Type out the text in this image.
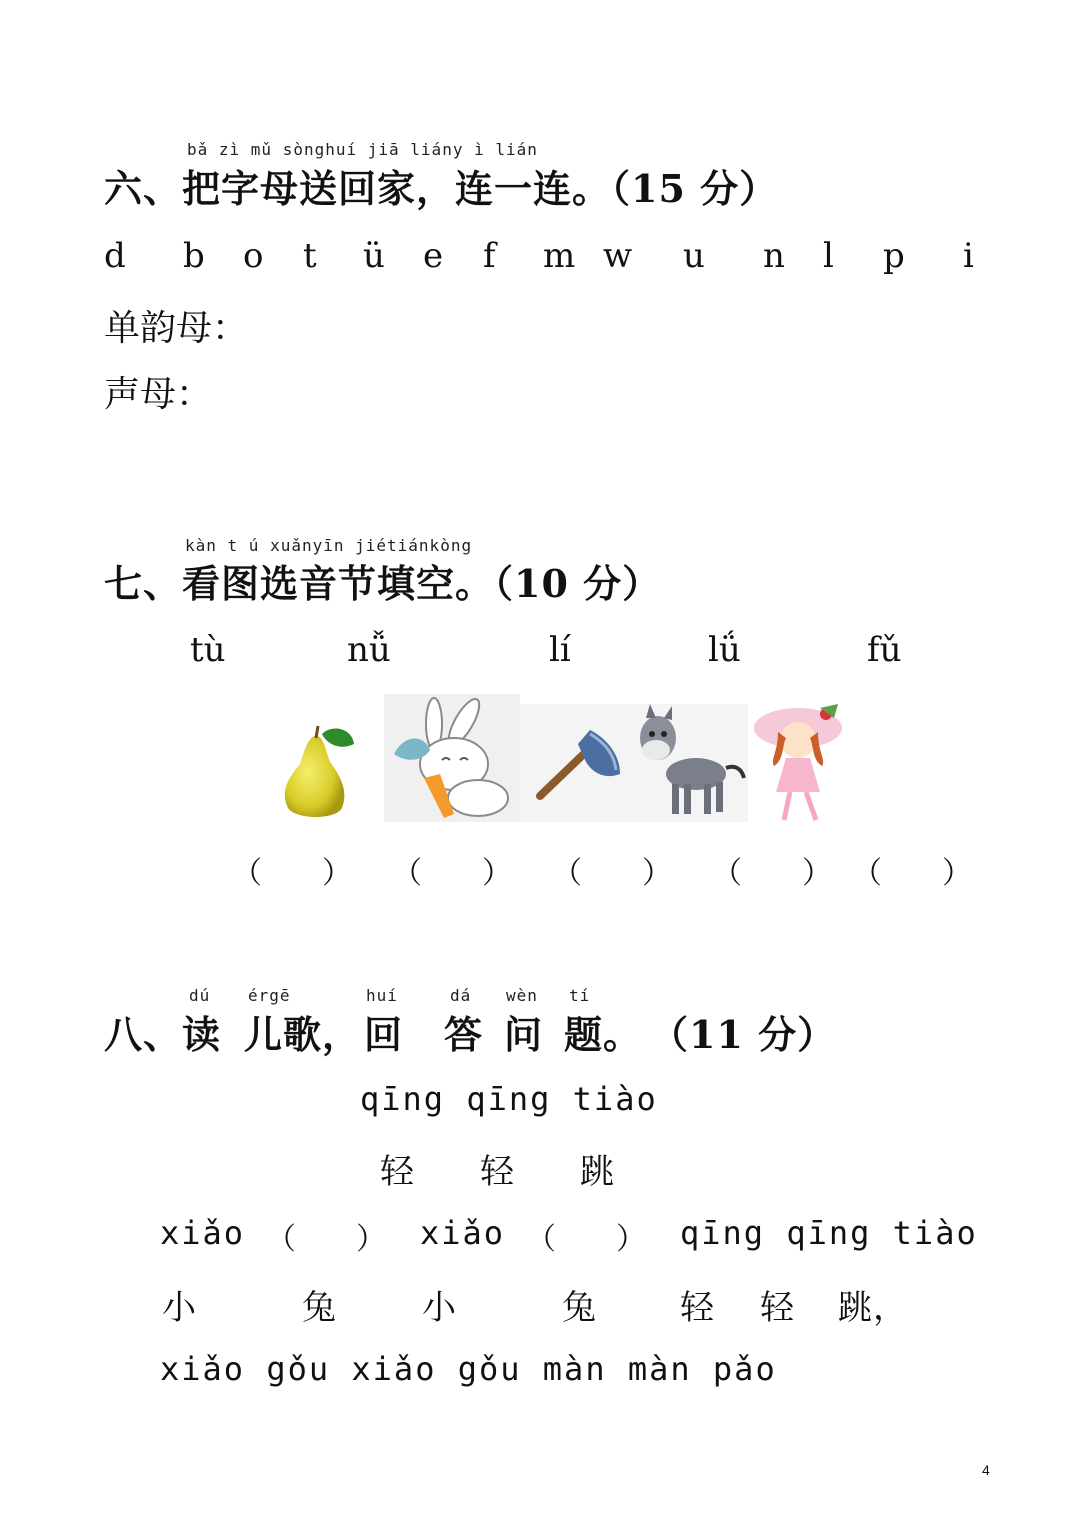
bǎ zì mǔ sònghuí jiā liány ì lián
六、把字母送回家，连一连。（15 分）
d b o t ü e f m w u n l p i
单韵母：
声母：
kàn t ú xuǎnyīn jiétiánkòng
七、看图选音节填空。（10 分）
tù	nǚ	lí	lǘ	fǔ
（　　） （　　） （　　） （　　） （　　）
dú érgē	huí	dá wèn tí
八、读 儿歌， 回 答 问 题。 （11 分）
qīng qīng tiào
轻 轻 跳
xiǎo （　　） xiǎo （　　） qīng qīng tiào
小	兔	小	兔 轻 轻 跳，
xiǎo gǒu xiǎo gǒu màn màn pǎo
4
